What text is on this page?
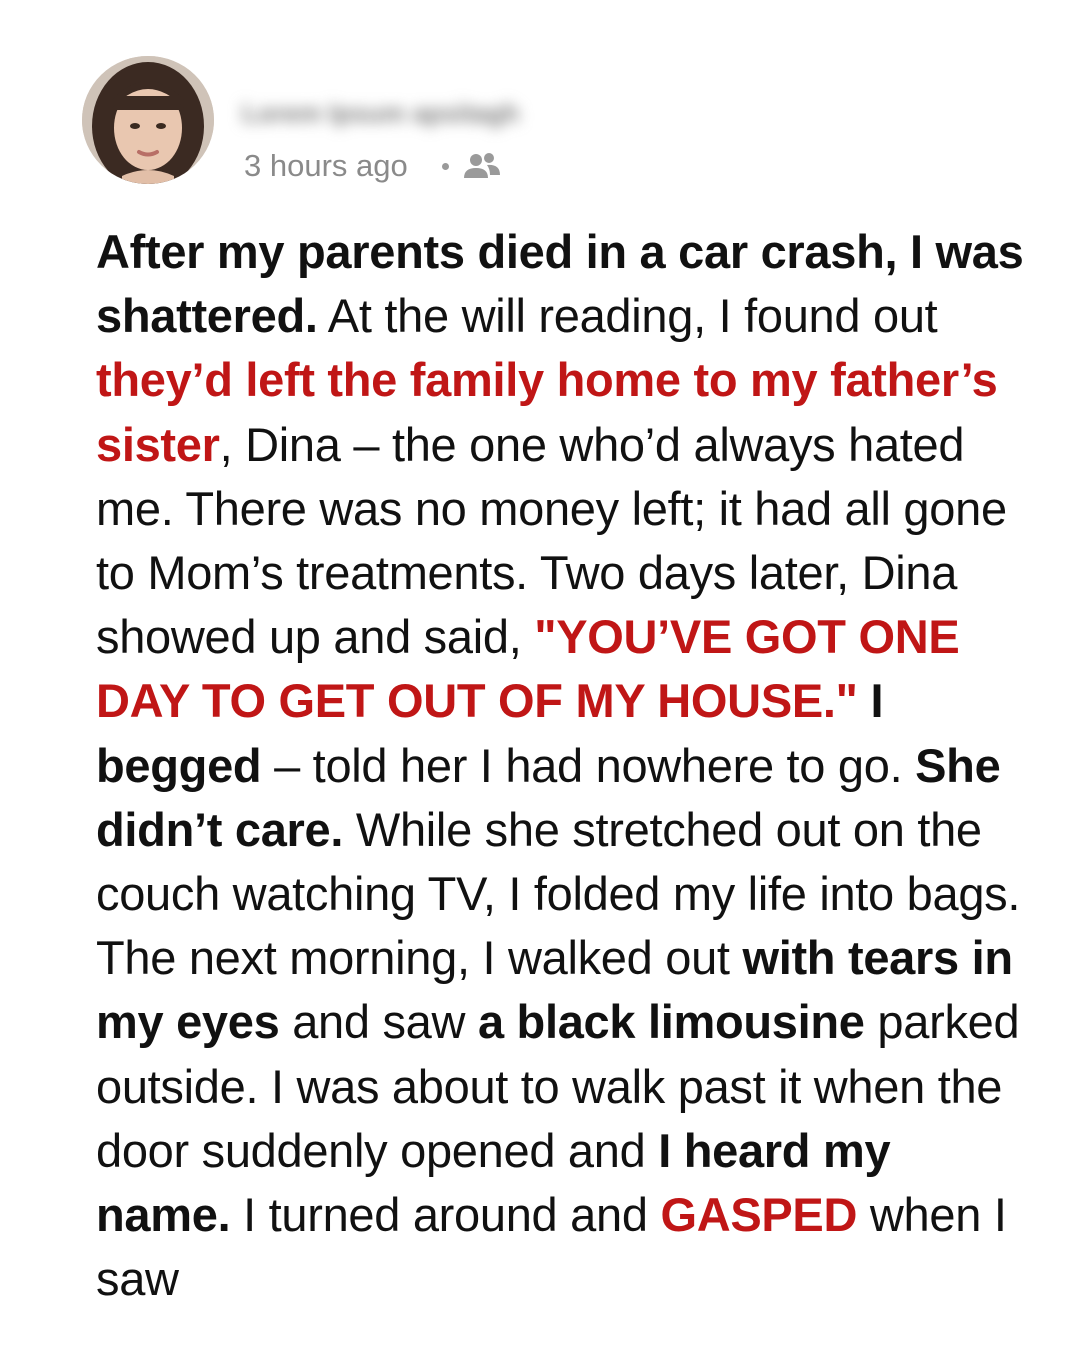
Lorem Ipsum apsitagh
3 hours ago

After my parents died in a car crash, I was shattered. At the will reading, I found out they’d left the family home to my father’s sister, Dina – the one who’d always hated me. There was no money left; it had all gone to Mom’s treatments. Two days later, Dina showed up and said, "YOU’VE GOT ONE DAY TO GET OUT OF MY HOUSE." I begged – told her I had nowhere to go. She didn’t care. While she stretched out on the couch watching TV, I folded my life into bags. The next morning, I walked out with tears in my eyes and saw a black limousine parked outside. I was about to walk past it when the door suddenly opened and I heard my name. I turned around and GASPED when I saw
